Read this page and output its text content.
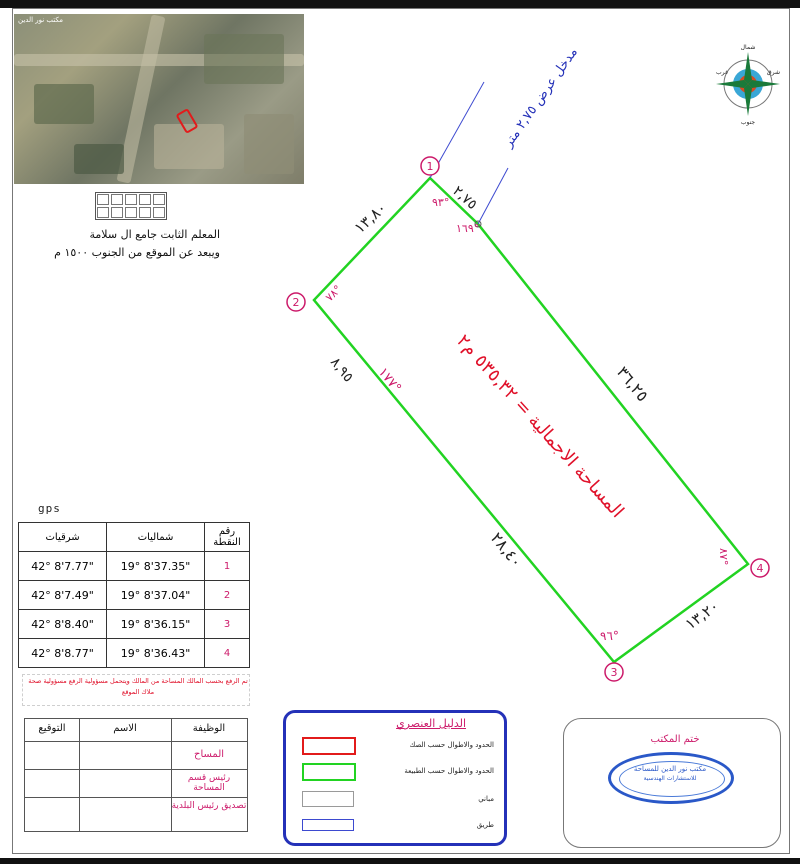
مكتب نور الدين
المعلم الثابت جامع ال سلامة
ويبعد عن الموقع من الجنوب ١٥٠٠ م
شمال
جنوب
غرب	شرق
1
2
3
4
١٣,٨٠
٢,٧٥
٣٦,٢٥
٢٨,٤٠
١٣,٢٠
٨,٩٥
٩٣°
١٦٩°
٧٨°
١٧٧°
٩٦°
٨٧°
مدخل عرض ٢,٧٥ متر
المساحة الاجمالية = ٥٣٥,٣٢ م٢
gps
شرقيات	شماليات	رقم النقطة
42° 8'7.77"	19° 8'37.35"	1
42° 8'7.49"	19° 8'37.04"	2
42° 8'8.40"	19° 8'36.15"	3
42° 8'8.77"	19° 8'36.43"	4
تم الرفع بحسب المالك المساحة من المالك ويتحمل مسؤولية الرفع مسؤولية صحة ملاك الموقع
التوقيع	الاسم	الوظيفة
المساح
رئيس قسم المساحة
تصديق رئيس البلدية
الدليل العنصري
الحدود والاطوال حسب الصك
الحدود والاطوال حسب الطبيعة
مباني
طريق
ختم المكتب
مكتب نور الدين للمساحة
للاستشارات الهندسية
